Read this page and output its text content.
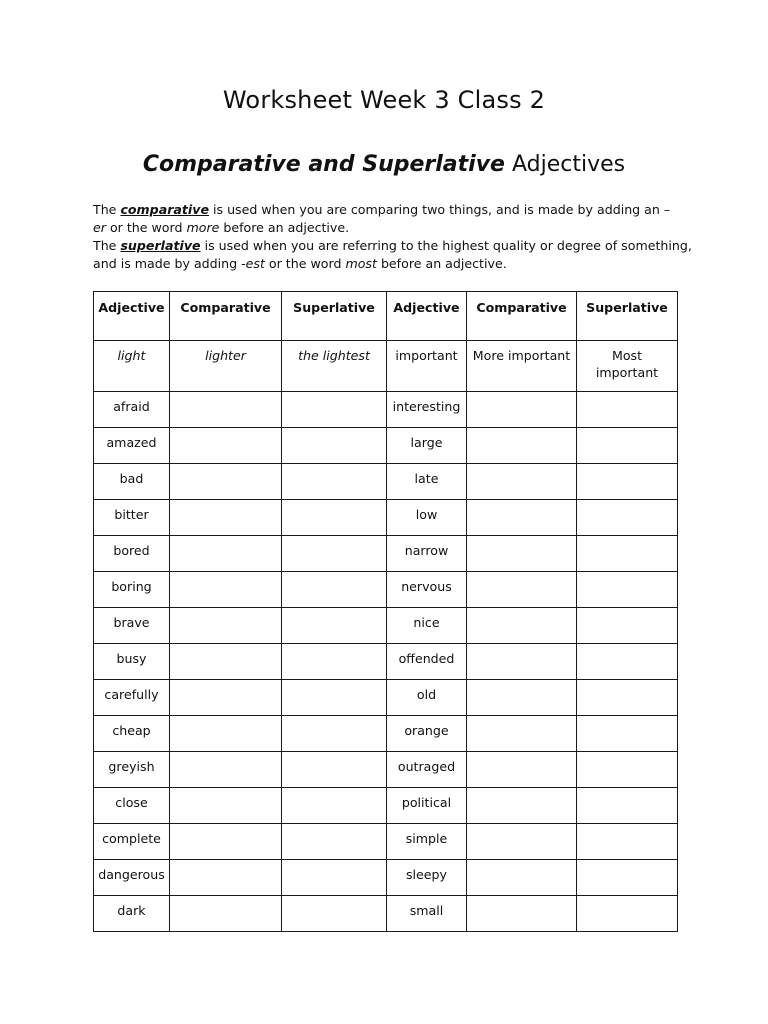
Worksheet Week 3 Class 2
Comparative and Superlative Adjectives

The comparative is used when you are comparing two things, and is made by adding an –
er or the word more before an adjective.
The superlative is used when you are referring to the highest quality or degree of something, and is made by adding -est or the word most before an adjective.

Adjective	Comparative	Superlative	Adjective	Comparative	Superlative
light	lighter	the lightest	important	More important	Most important
afraid			interesting		
amazed			large		
bad			late		
bitter			low		
bored			narrow		
boring			nervous		
brave			nice		
busy			offended		
carefully			old		
cheap			orange		
greyish			outraged		
close			political		
complete			simple		
dangerous			sleepy		
dark			small		
